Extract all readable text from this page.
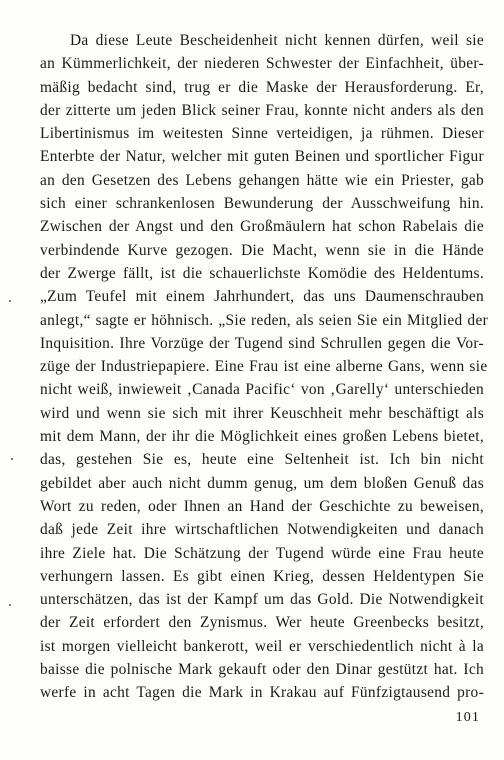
Da diese Leute Bescheidenheit nicht kennen dürfen, weil sie
an Kümmerlichkeit, der niederen Schwester der Einfachheit, über-
mäßig bedacht sind, trug er die Maske der Herausforderung. Er,
der zitterte um jeden Blick seiner Frau, konnte nicht anders als den
Libertinismus im weitesten Sinne verteidigen, ja rühmen. Dieser
Enterbte der Natur, welcher mit guten Beinen und sportlicher Figur
an den Gesetzen des Lebens gehangen hätte wie ein Priester, gab
sich einer schrankenlosen Bewunderung der Ausschweifung hin.
Zwischen der Angst und den Großmäulern hat schon Rabelais die
verbindende Kurve gezogen. Die Macht, wenn sie in die Hände
der Zwerge fällt, ist die schauerlichste Komödie des Heldentums.
„Zum Teufel mit einem Jahrhundert, das uns Daumenschrauben
anlegt,“ sagte er höhnisch. „Sie reden, als seien Sie ein Mitglied der
Inquisition. Ihre Vorzüge der Tugend sind Schrullen gegen die Vor-
züge der Industriepapiere. Eine Frau ist eine alberne Gans, wenn sie
nicht weiß, inwieweit ‚Canada Pacific‘ von ‚Garelly‘ unterschieden
wird und wenn sie sich mit ihrer Keuschheit mehr beschäftigt als
mit dem Mann, der ihr die Möglichkeit eines großen Lebens bietet,
das, gestehen Sie es, heute eine Seltenheit ist. Ich bin nicht
gebildet aber auch nicht dumm genug, um dem bloßen Genuß das
Wort zu reden, oder Ihnen an Hand der Geschichte zu beweisen,
daß jede Zeit ihre wirtschaftlichen Notwendigkeiten und danach
ihre Ziele hat. Die Schätzung der Tugend würde eine Frau heute
verhungern lassen. Es gibt einen Krieg, dessen Heldentypen Sie
unterschätzen, das ist der Kampf um das Gold. Die Notwendigkeit
der Zeit erfordert den Zynismus. Wer heute Greenbecks besitzt,
ist morgen vielleicht bankerott, weil er verschiedentlich nicht à la
baisse die polnische Mark gekauft oder den Dinar gestützt hat. Ich
werfe in acht Tagen die Mark in Krakau auf Fünfzigtausend pro-
101
